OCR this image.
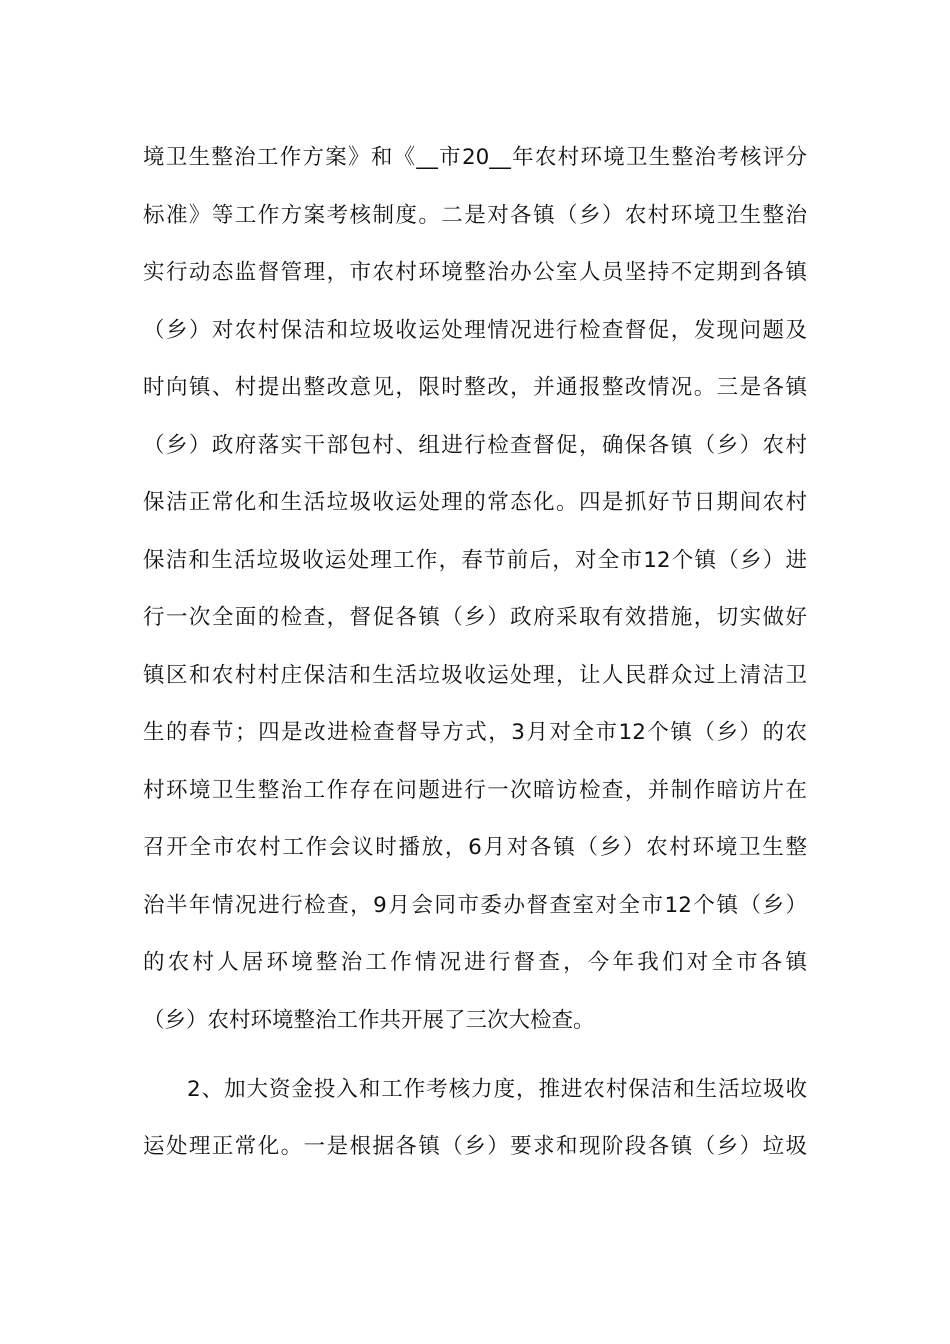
境卫生整治工作方案》和《__市20__年农村环境卫生整治考核评分
标准》等工作方案考核制度。二是对各镇（乡）农村环境卫生整治
实行动态监督管理，市农村环境整治办公室人员坚持不定期到各镇
（乡）对农村保洁和垃圾收运处理情况进行检查督促，发现问题及
时向镇、村提出整改意见，限时整改，并通报整改情况。三是各镇
（乡）政府落实干部包村、组进行检查督促，确保各镇（乡）农村
保洁正常化和生活垃圾收运处理的常态化。四是抓好节日期间农村
保洁和生活垃圾收运处理工作，春节前后，对全市12个镇（乡）进
行一次全面的检查，督促各镇（乡）政府采取有效措施，切实做好
镇区和农村村庄保洁和生活垃圾收运处理，让人民群众过上清洁卫
生的春节；四是改进检查督导方式，3月对全市12个镇（乡）的农
村环境卫生整治工作存在问题进行一次暗访检查，并制作暗访片在
召开全市农村工作会议时播放，6月对各镇（乡）农村环境卫生整
治半年情况进行检查，9月会同市委办督查室对全市12个镇（乡）
的农村人居环境整治工作情况进行督查，今年我们对全市各镇
（乡）农村环境整治工作共开展了三次大检查。
2、加大资金投入和工作考核力度，推进农村保洁和生活垃圾收
运处理正常化。一是根据各镇（乡）要求和现阶段各镇（乡）垃圾
